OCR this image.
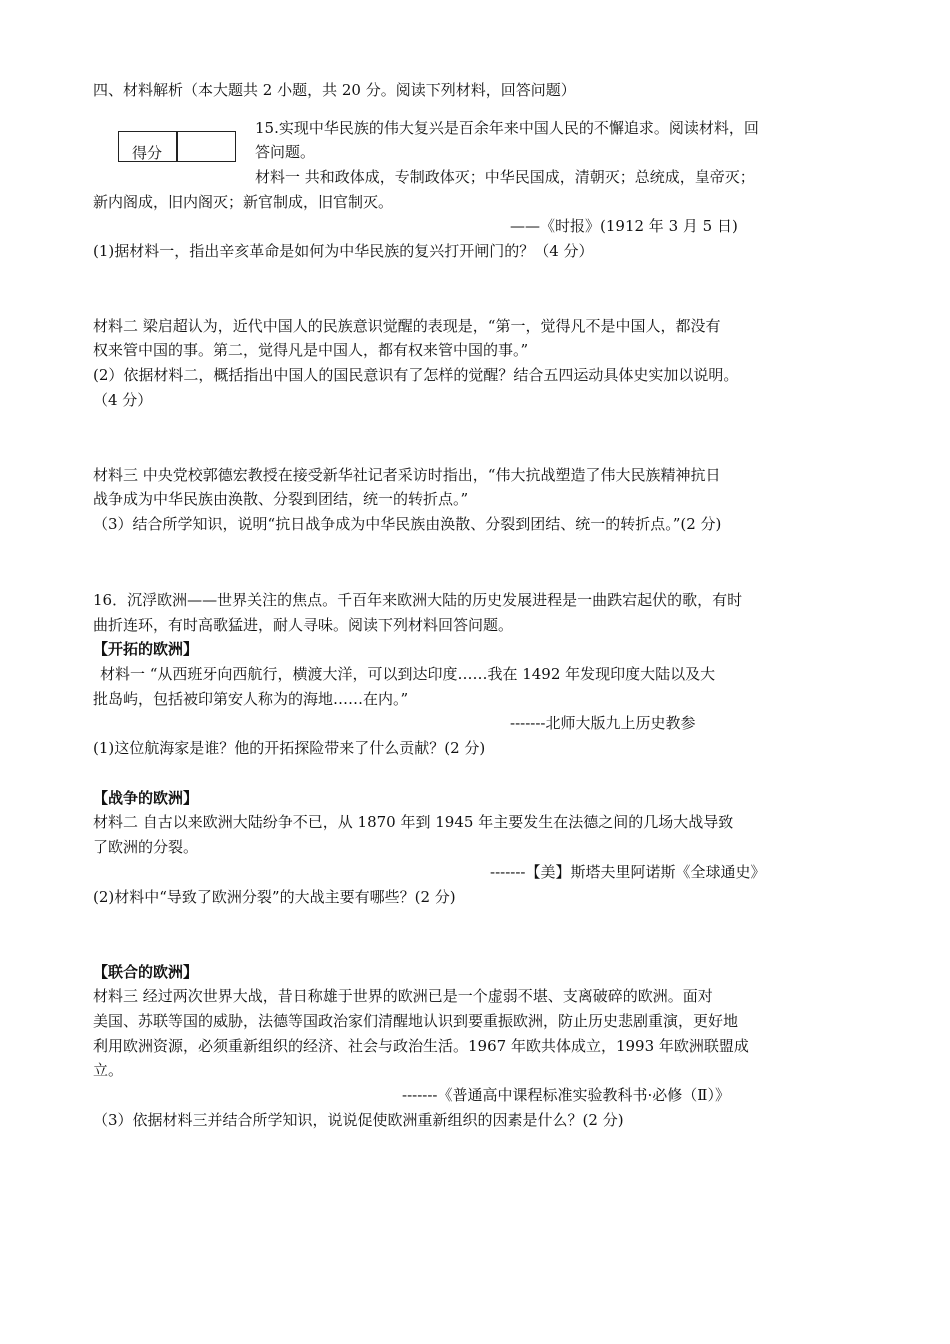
四、材料解析（本大题共 2 小题，共 20 分。阅读下列材料，回答问题）
得分
15.实现中华民族的伟大复兴是百余年来中国人民的不懈追求。阅读材料，回
答问题。
材料一 共和政体成，专制政体灭；中华民国成，清朝灭；总统成，皇帝灭；
新内阁成，旧内阁灭；新官制成，旧官制灭。
——《时报》(1912 年 3 月 5 日)
(1)据材料一，指出辛亥革命是如何为中华民族的复兴打开闸门的？（4 分）
材料二 梁启超认为，近代中国人的民族意识觉醒的表现是，“第一，觉得凡不是中国人，都没有
权来管中国的事。第二，觉得凡是中国人，都有权来管中国的事。”
(2）依据材料二，概括指出中国人的国民意识有了怎样的觉醒？结合五四运动具体史实加以说明。
（4 分）
材料三 中央党校郭德宏教授在接受新华社记者采访时指出，“伟大抗战塑造了伟大民族精神抗日
战争成为中华民族由涣散、分裂到团结，统一的转折点。”
（3）结合所学知识，说明“抗日战争成为中华民族由涣散、分裂到团结、统一的转折点。”(2 分)
16．沉浮欧洲——世界关注的焦点。千百年来欧洲大陆的历史发展进程是一曲跌宕起伏的歌，有时
曲折连环，有时高歌猛进，耐人寻味。阅读下列材料回答问题。
【开拓的欧洲】
材料一 “从西班牙向西航行，横渡大洋，可以到达印度……我在 1492 年发现印度大陆以及大
批岛屿，包括被印第安人称为的海地……在内。”
-------北师大版九上历史教参
(1)这位航海家是谁？他的开拓探险带来了什么贡献？(2 分)
【战争的欧洲】
材料二 自古以来欧洲大陆纷争不已，从 1870 年到 1945 年主要发生在法德之间的几场大战导致
了欧洲的分裂。
-------【美】斯塔夫里阿诺斯《全球通史》
(2)材料中“导致了欧洲分裂”的大战主要有哪些？(2 分)
【联合的欧洲】
材料三 经过两次世界大战，昔日称雄于世界的欧洲已是一个虚弱不堪、支离破碎的欧洲。面对
美国、苏联等国的威胁，法德等国政治家们清醒地认识到要重振欧洲，防止历史悲剧重演，更好地
利用欧洲资源，必须重新组织的经济、社会与政治生活。1967 年欧共体成立，1993 年欧洲联盟成
立。
-------《普通高中课程标准实验教科书·必修（Ⅱ）》
（3）依据材料三并结合所学知识，说说促使欧洲重新组织的因素是什么？(2 分)
